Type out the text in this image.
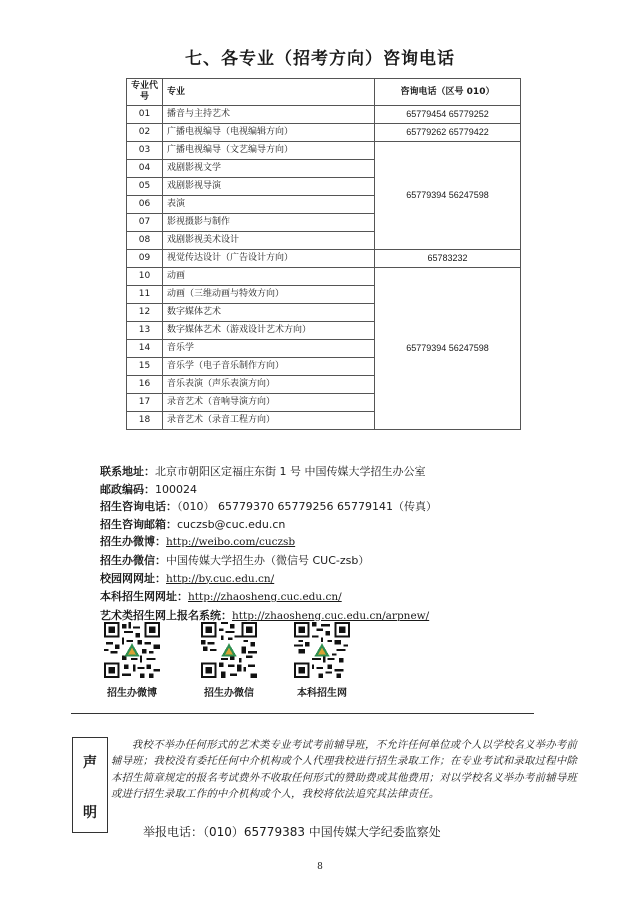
七、各专业（招考方向）咨询电话
专业代号	专业	咨询电话（区号 010）
01	播音与主持艺术	65779454 65779252
02	广播电视编导（电视编辑方向）	65779262 65779422
03	广播电视编导（文艺编导方向）	65779394 56247598
04	戏剧影视文学	
05	戏剧影视导演	
06	表演	
07	影视摄影与制作	
08	戏剧影视美术设计	
09	视觉传达设计（广告设计方向）	65783232
10	动画	65779394 56247598
11	动画（三维动画与特效方向）	
12	数字媒体艺术	
13	数字媒体艺术（游戏设计艺术方向）	
14	音乐学	
15	音乐学（电子音乐制作方向）	
16	音乐表演（声乐表演方向）	
17	录音艺术（音响导演方向）	
18	录音艺术（录音工程方向）	
联系地址：北京市朝阳区定福庄东街 1 号 中国传媒大学招生办公室
邮政编码：100024
招生咨询电话：（010） 65779370 65779256 65779141（传真）
招生咨询邮箱：cuczsb@cuc.edu.cn
招生办微博：http://weibo.com/cuczsb
招生办微信：中国传媒大学招生办（微信号 CUC-zsb）
校园网网址：http://by.cuc.edu.cn/
本科招生网网址：http://zhaosheng.cuc.edu.cn/
艺术类招生网上报名系统：http://zhaosheng.cuc.edu.cn/arpnew/
招生办微博	招生办微信	本科招生网
声
明
我校不举办任何形式的艺术类专业考试考前辅导班，不允许任何单位或个人以学校名义举办考前辅导班；我校没有委托任何中介机构或个人代理我校进行招生录取工作；在专业考试和录取过程中除本招生简章规定的报名考试费外不收取任何形式的赞助费或其他费用；对以学校名义举办考前辅导班或进行招生录取工作的中介机构或个人，我校将依法追究其法律责任。
举报电话：（010）65779383 中国传媒大学纪委监察处
8
